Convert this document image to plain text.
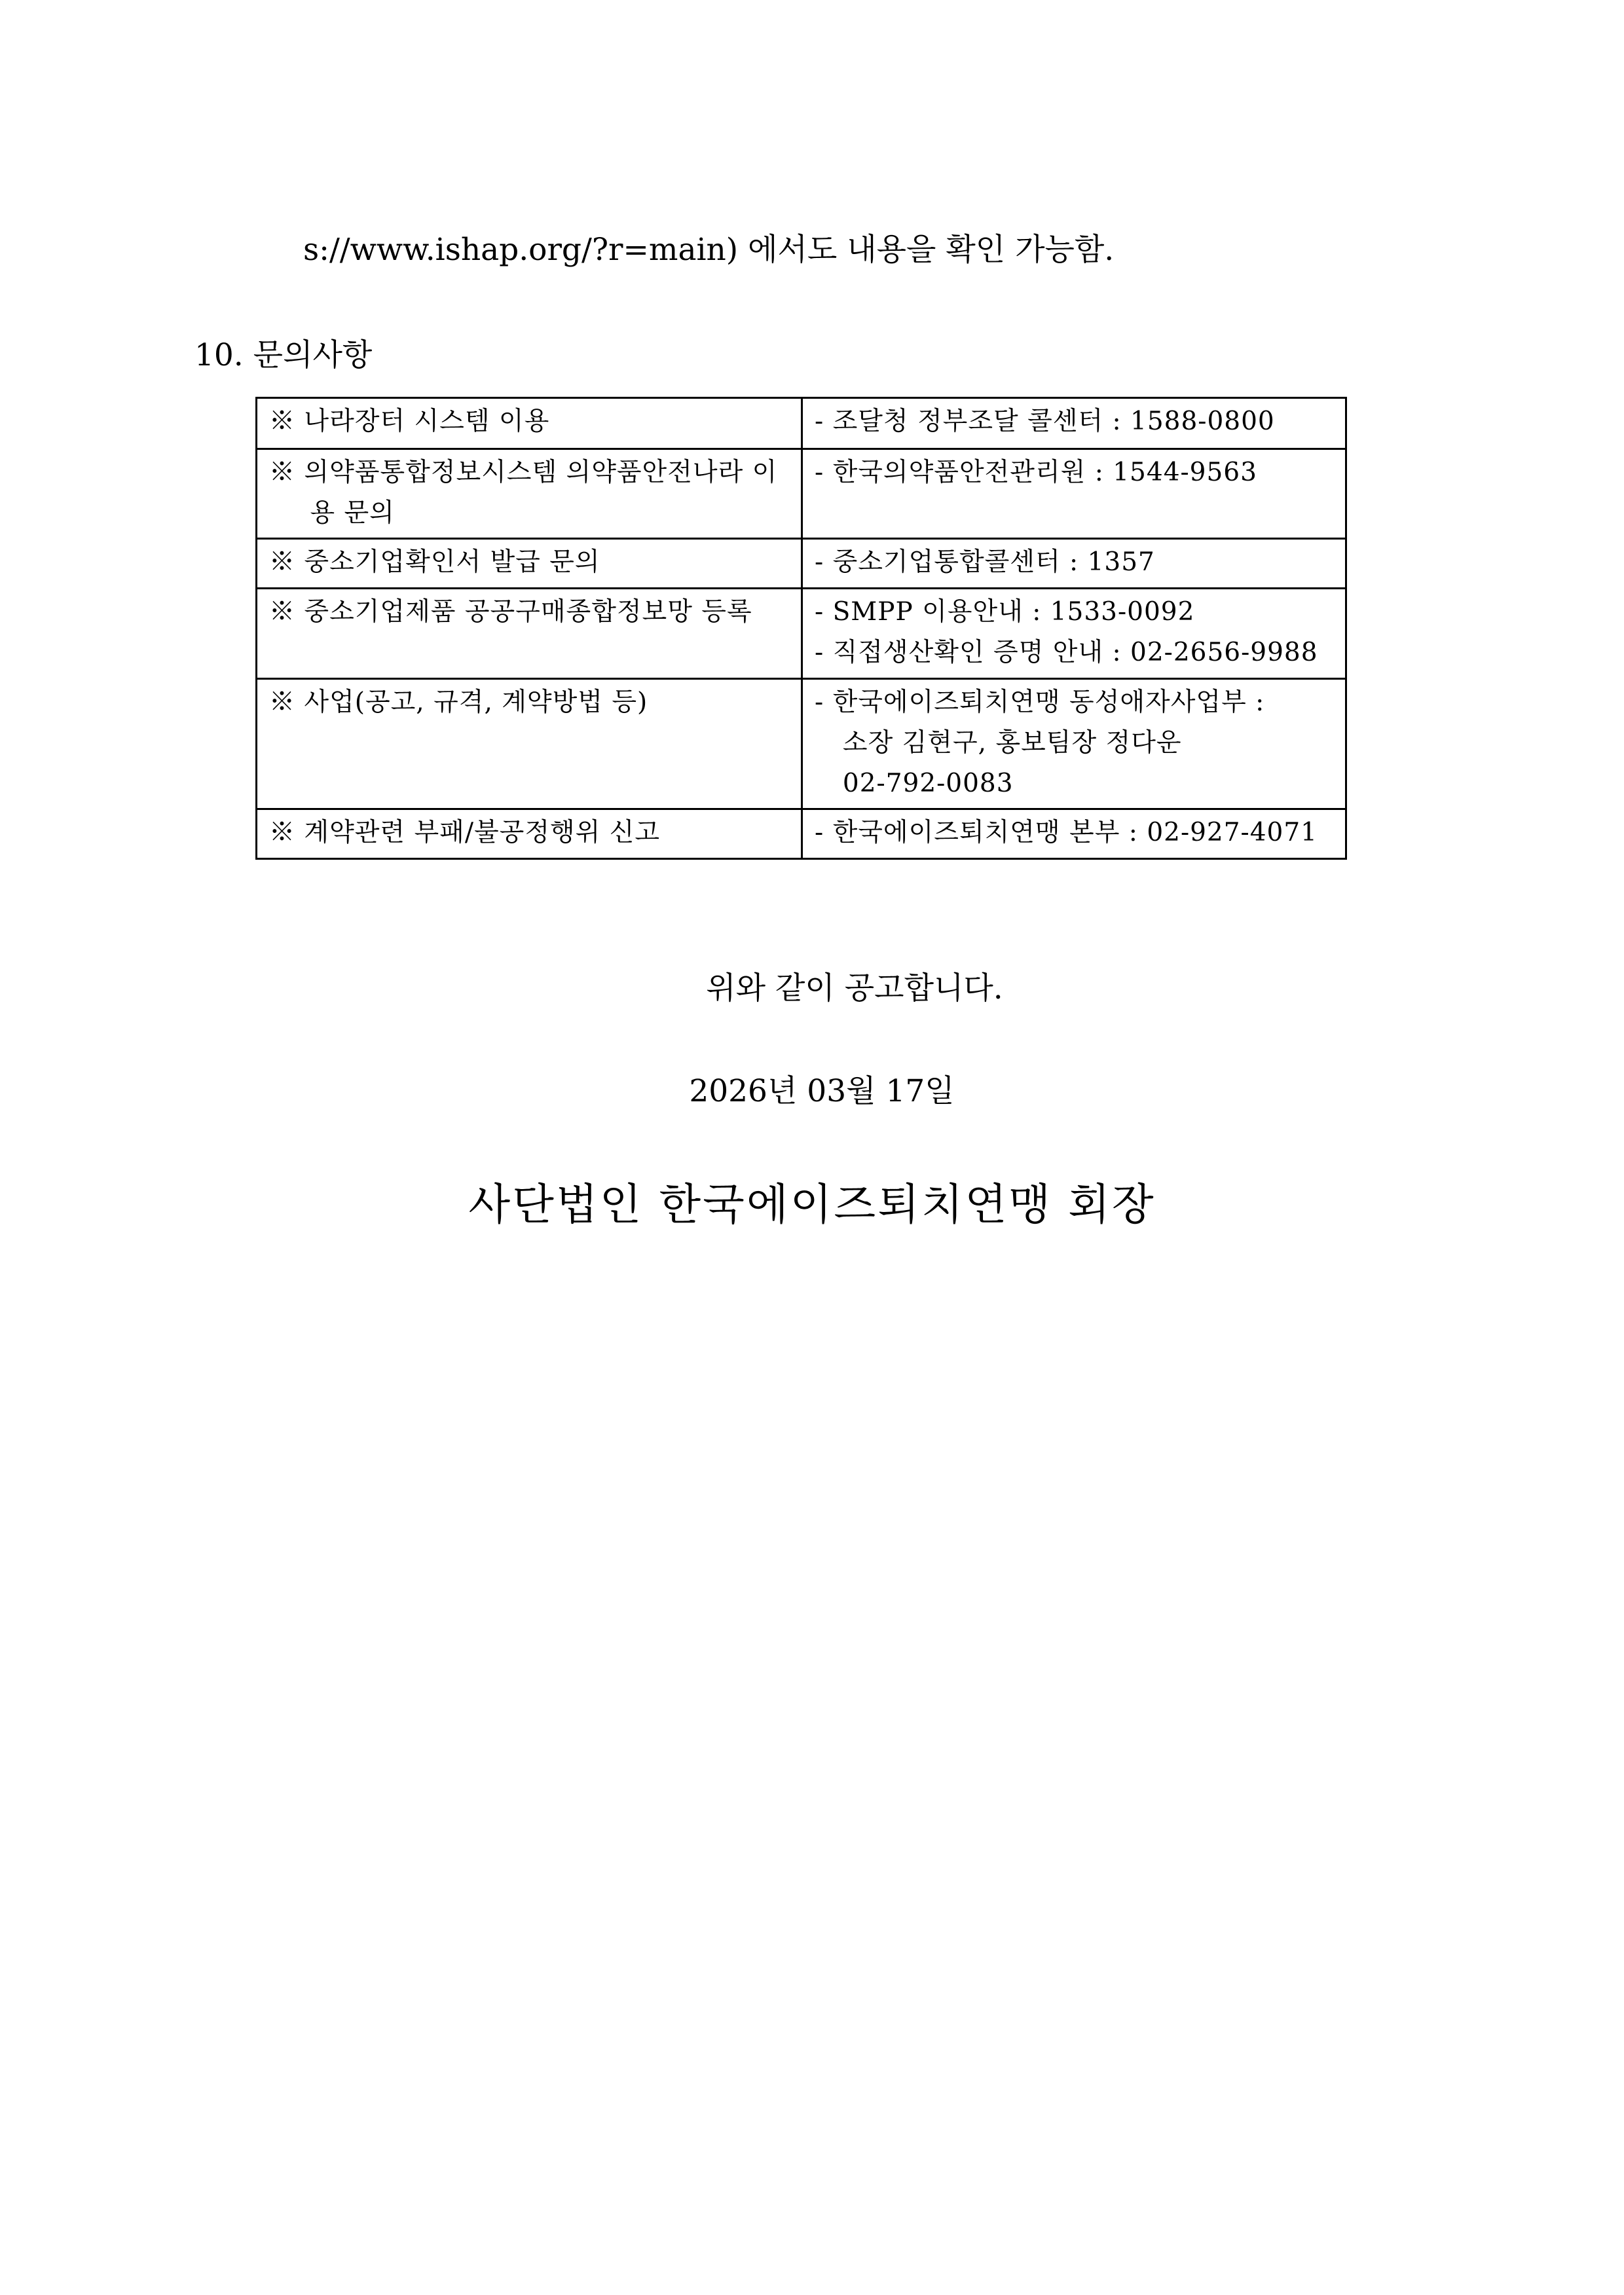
s://www.ishap.org/?r=main) 에서도 내용을 확인 가능함.
10. 문의사항
※ 나라장터 시스템 이용	- 조달청 정부조달 콜센터 : 1588-0800

※ 의약품통합정보시스템 의약품안전나라 이용 문의	- 한국의약품안전관리원 : 1544-9563

※ 중소기업확인서 발급 문의	- 중소기업통합콜센터 : 1357

※ 중소기업제품 공공구매종합정보망 등록	- SMPP 이용안내 : 1533-0092
- 직접생산확인 증명 안내 : 02-2656-9988

※ 사업(공고, 규격, 계약방법 등)	- 한국에이즈퇴치연맹 동성애자사업부 :
소장 김현구, 홍보팀장 정다운
02-792-0083

※ 계약관련 부패/불공정행위 신고	- 한국에이즈퇴치연맹 본부 : 02-927-4071
위와 같이 공고합니다.
2026년 03월 17일
사단법인 한국에이즈퇴치연맹 회장
